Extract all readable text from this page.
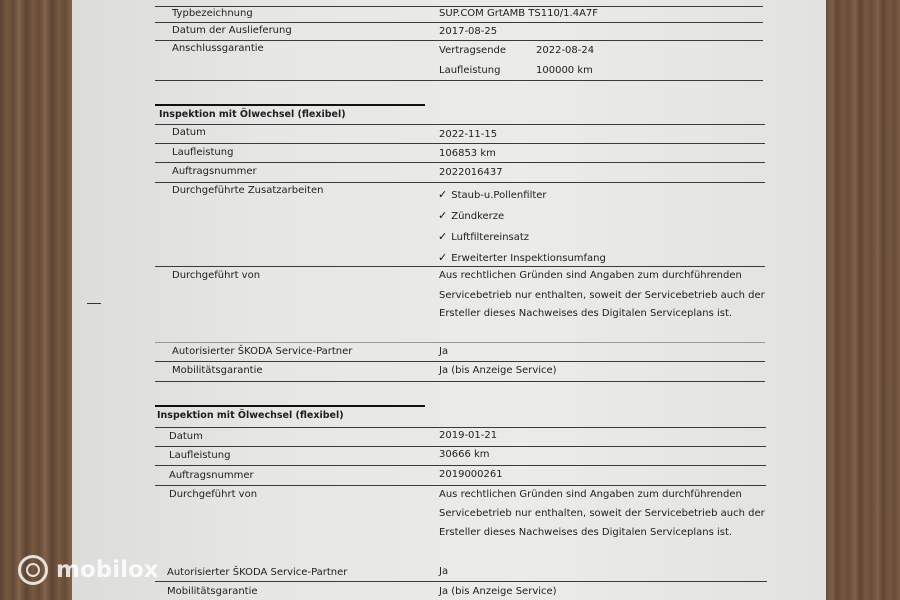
Typbezeichnung	SUP.COM GrtAMB TS110/1.4A7F
Datum der Auslieferung	2017-08-25
Anschlussgarantie	Vertragsende	2022-08-24
Laufleistung	100000 km
Inspektion mit Ölwechsel (flexibel)
Datum	2022-11-15
Laufleistung	106853 km
Auftragsnummer	2022016437
Durchgeführte Zusatzarbeiten	✓ Staub-u.Pollenfilter
✓ Zündkerze
✓ Luftfiltereinsatz
✓ Erweiterter Inspektionsumfang
Durchgeführt von	Aus rechtlichen Gründen sind Angaben zum durchführenden
Servicebetrieb nur enthalten, soweit der Servicebetrieb auch der
Ersteller dieses Nachweises des Digitalen Serviceplans ist.
Autorisierter ŠKODA Service-Partner	Ja
Mobilitätsgarantie	Ja (bis Anzeige Service)
Inspektion mit Ölwechsel (flexibel)
Datum	2019-01-21
Laufleistung	30666 km
Auftragsnummer	2019000261
Durchgeführt von	Aus rechtlichen Gründen sind Angaben zum durchführenden
Servicebetrieb nur enthalten, soweit der Servicebetrieb auch der
Ersteller dieses Nachweises des Digitalen Serviceplans ist.
Autorisierter ŠKODA Service-Partner	Ja
Mobilitätsgarantie	Ja (bis Anzeige Service)
mobilox
